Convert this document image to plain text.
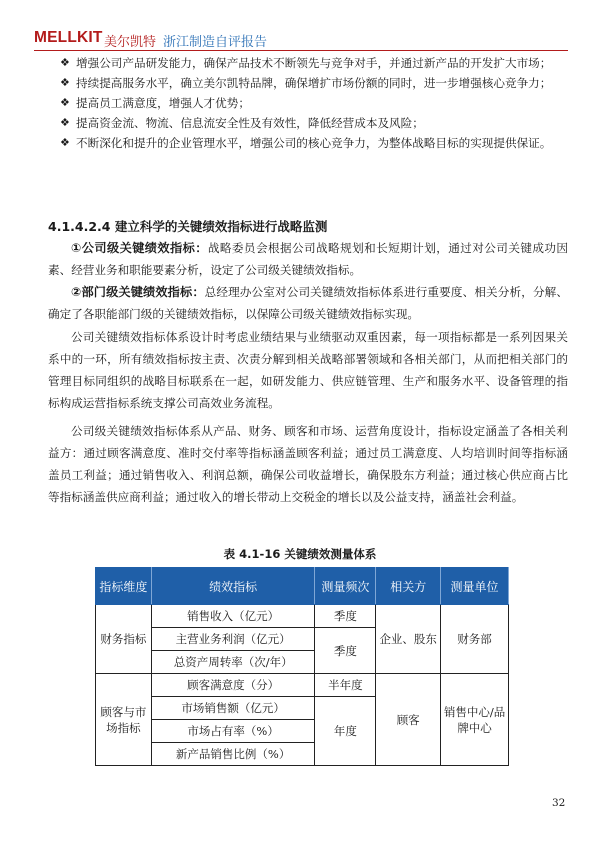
MELLKIT 美尔凯特 浙江制造自评报告
❖ 增强公司产品研发能力，确保产品技术不断领先与竞争对手，并通过新产品的开发扩大市场；
❖ 持续提高服务水平，确立美尔凯特品牌，确保增扩市场份额的同时，进一步增强核心竞争力；
❖ 提高员工满意度，增强人才优势；
❖ 提高资金流、物流、信息流安全性及有效性，降低经营成本及风险；
❖ 不断深化和提升的企业管理水平，增强公司的核心竞争力，为整体战略目标的实现提供保证。
4.1.4.2.4 建立科学的关键绩效指标进行战略监测
①公司级关键绩效指标：战略委员会根据公司战略规划和长短期计划，通过对公司关键成功因素、经营业务和职能要素分析，设定了公司级关键绩效指标。
②部门级关键绩效指标：总经理办公室对公司关键绩效指标体系进行重要度、相关分析，分解、确定了各职能部门级的关键绩效指标，以保障公司级关键绩效指标实现。
公司关键绩效指标体系设计时考虑业绩结果与业绩驱动双重因素，每一项指标都是一系列因果关系中的一环，所有绩效指标按主责、次责分解到相关战略部署领域和各相关部门，从而把相关部门的管理目标同组织的战略目标联系在一起，如研发能力、供应链管理、生产和服务水平、设备管理的指标构成运营指标系统支撑公司高效业务流程。
公司级关键绩效指标体系从产品、财务、顾客和市场、运营角度设计，指标设定涵盖了各相关利益方：通过顾客满意度、准时交付率等指标涵盖顾客利益；通过员工满意度、人均培训时间等指标涵盖员工利益；通过销售收入、利润总额，确保公司收益增长，确保股东方利益；通过核心供应商占比等指标涵盖供应商利益；通过收入的增长带动上交税金的增长以及公益支持，涵盖社会利益。
表 4.1-16 关键绩效测量体系
指标维度	绩效指标	测量频次	相关方	测量单位
财务指标	销售收入（亿元）	季度	企业、股东	财务部
	主营业务利润（亿元）	季度		
	总资产周转率（次/年）			
顾客与市场指标	顾客满意度（分）	半年度	顾客	销售中心/品牌中心
	市场销售额（亿元）	年度		
	市场占有率（%）			
	新产品销售比例（%）			
32
